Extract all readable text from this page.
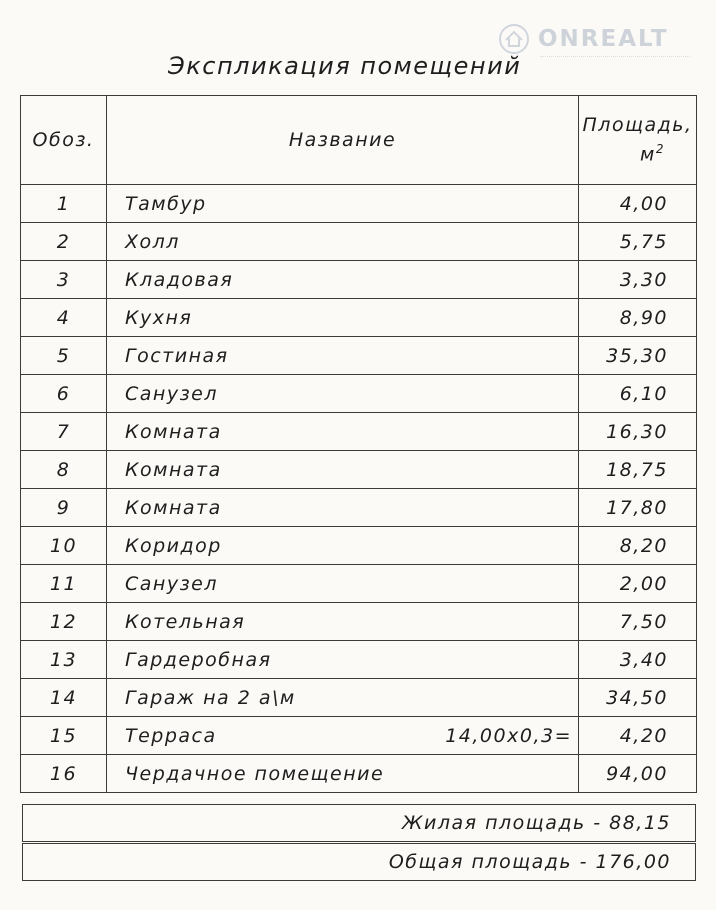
ONREALT
Экспликация помещений
Обоз.	Название	Площадь,
$м^2$

1	Тамбур	4,00
2	Холл	5,75
3	Кладовая	3,30
4	Кухня	8,90
5	Гостиная	35,30
6	Санузел	6,10
7	Комната	16,30
8	Комната	18,75
9	Комната	17,80
10	Коридор	8,20
11	Санузел	2,00
12	Котельная	7,50
13	Гардеробная	3,40
14	Гараж на 2 а\м	34,50
15	Терраса 14,00x0,3=	4,20
16	Чердачное помещение	94,00
Жилая площадь - 88,15
Общая площадь - 176,00
